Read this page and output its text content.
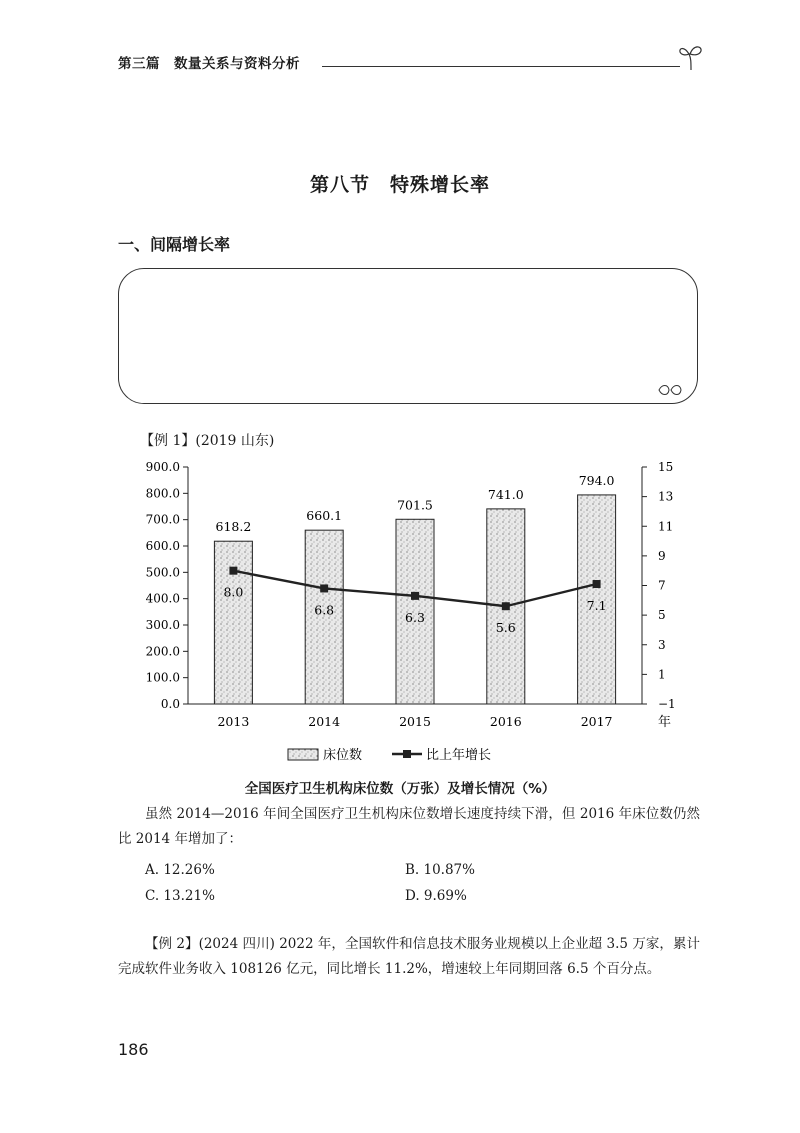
第三篇　数量关系与资料分析
第八节　特殊增长率
一、间隔增长率
【例 1】(2019 山东)
0.0
100.0
200.0
300.0
400.0
500.0
600.0
700.0
800.0
900.0
−1
1
3
5
7
9
11
13
15
618.2
660.1
701.5
741.0
794.0
8.0
6.8	6.3
5.6
7.1
2013	2014	2015	2016	2017	年
床位数	比上年增长
全国医疗卫生机构床位数（万张）及增长情况（%）
虽然 2014—2016 年间全国医疗卫生机构床位数增长速度持续下滑，但 2016 年床位数仍然比 2014 年增加了：
A. 12.26%	B. 10.87%
C. 13.21%	D. 9.69%
【例 2】(2024 四川) 2022 年，全国软件和信息技术服务业规模以上企业超 3.5 万家，累计完成软件业务收入 108126 亿元，同比增长 11.2%，增速较上年同期回落 6.5 个百分点。
186
